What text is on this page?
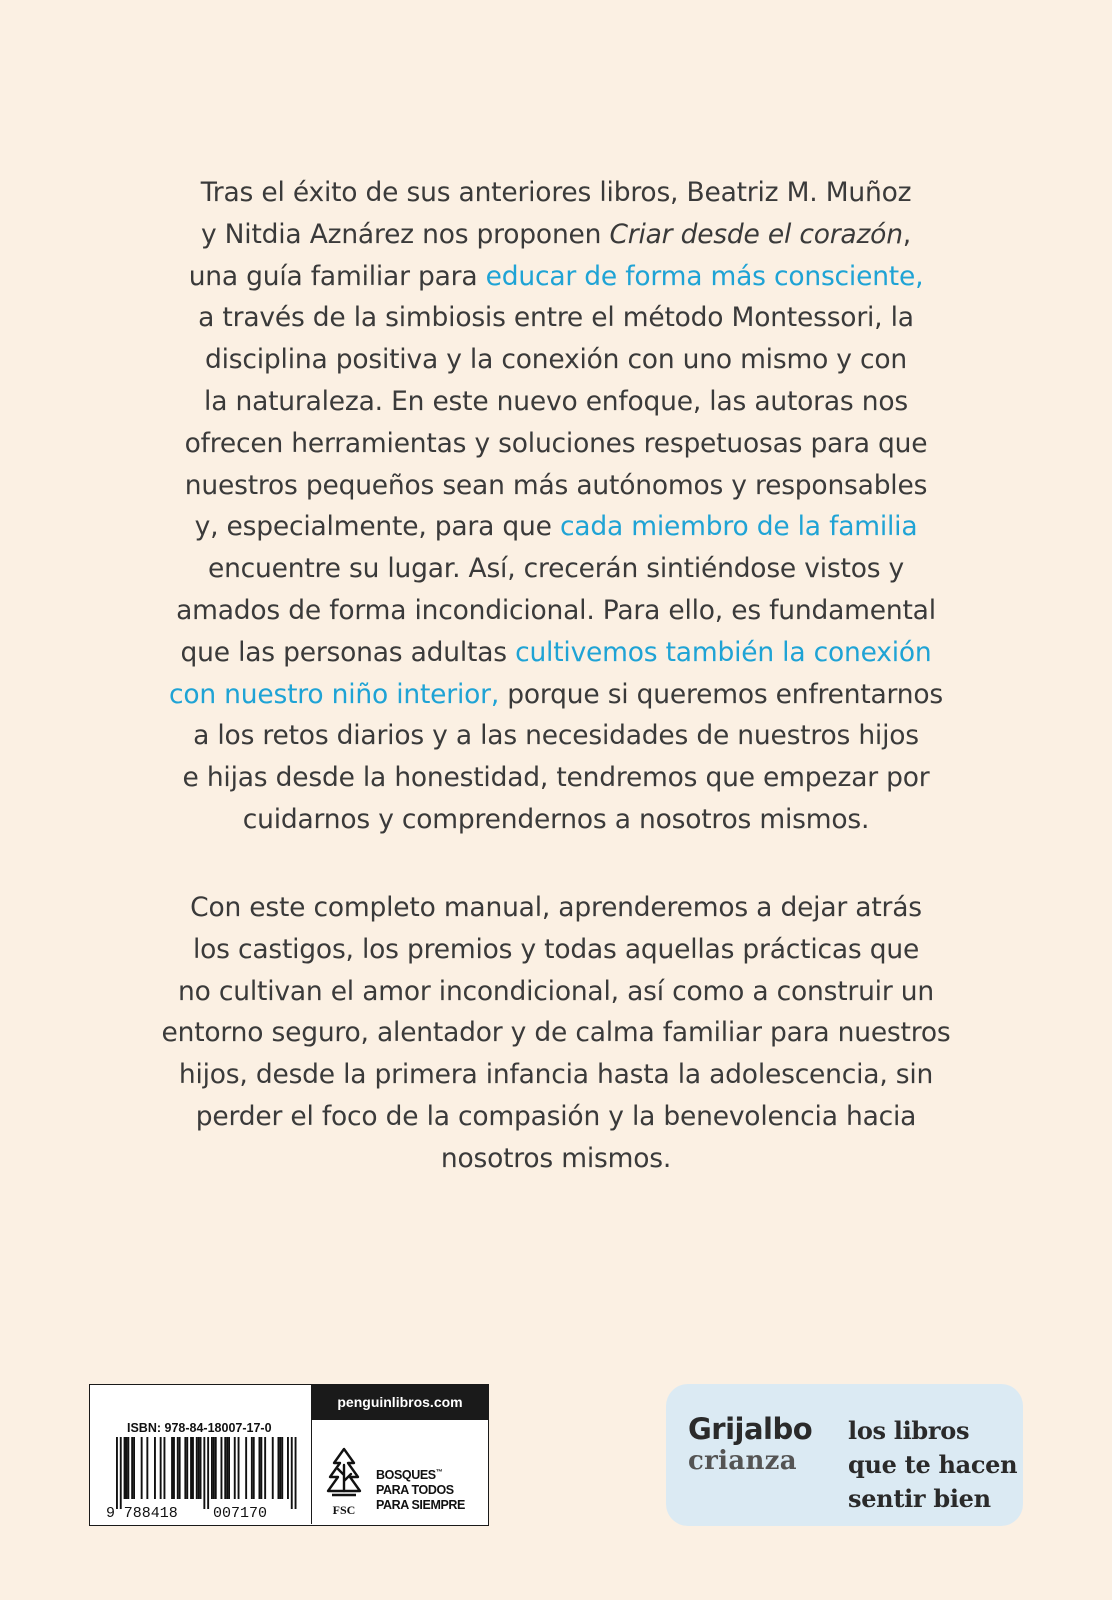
Tras el éxito de sus anteriores libros, Beatriz M. Muñoz
y Nitdia Aznárez nos proponen Criar desde el corazón,
una guía familiar para educar de forma más consciente,
a través de la simbiosis entre el método Montessori, la
disciplina positiva y la conexión con uno mismo y con
la naturaleza. En este nuevo enfoque, las autoras nos
ofrecen herramientas y soluciones respetuosas para que
nuestros pequeños sean más autónomos y responsables
y, especialmente, para que cada miembro de la familia
encuentre su lugar. Así, crecerán sintiéndose vistos y
amados de forma incondicional. Para ello, es fundamental
que las personas adultas cultivemos también la conexión
con nuestro niño interior, porque si queremos enfrentarnos
a los retos diarios y a las necesidades de nuestros hijos
e hijas desde la honestidad, tendremos que empezar por
cuidarnos y comprendernos a nosotros mismos.
Con este completo manual, aprenderemos a dejar atrás
los castigos, los premios y todas aquellas prácticas que
no cultivan el amor incondicional, así como a construir un
entorno seguro, alentador y de calma familiar para nuestros
hijos, desde la primera infancia hasta la adolescencia, sin
perder el foco de la compasión y la benevolencia hacia
nosotros mismos.
ISBN: 978-84-18007-17-0
9 788418 007170
penguinlibros.com
FSC
BOSQUES™
PARA TODOS
PARA SIEMPRE
Grijalbo
crianza
los libros
que te hacen
sentir bien
